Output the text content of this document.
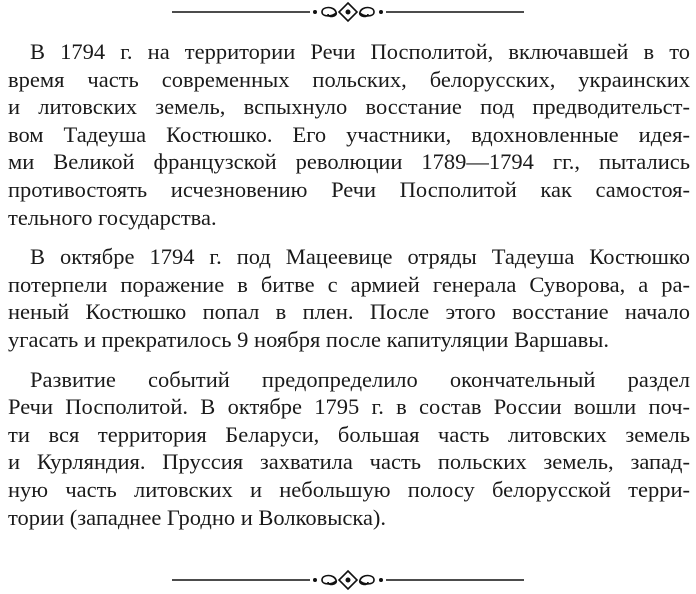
В 1794 г. на территории Речи Посполитой, включавшей в то
время часть современных польских, белорусских, украинских
и литовских земель, вспыхнуло восстание под предводительст-
вом Тадеуша Костюшко. Его участники, вдохновленные идея-
ми Великой французской революции 1789—1794 гг., пытались
противостоять исчезновению Речи Посполитой как самостоя-
тельного государства.
В октябре 1794 г. под Мацеевице отряды Тадеуша Костюшко
потерпели поражение в битве с армией генерала Суворова, а ра-
неный Костюшко попал в плен. После этого восстание начало
угасать и прекратилось 9 ноября после капитуляции Варшавы.
Развитие событий предопределило окончательный раздел
Речи Посполитой. В октябре 1795 г. в состав России вошли поч-
ти вся территория Беларуси, большая часть литовских земель
и Курляндия. Пруссия захватила часть польских земель, запад-
ную часть литовских и небольшую полосу белорусской терри-
тории (западнее Гродно и Волковыска).
